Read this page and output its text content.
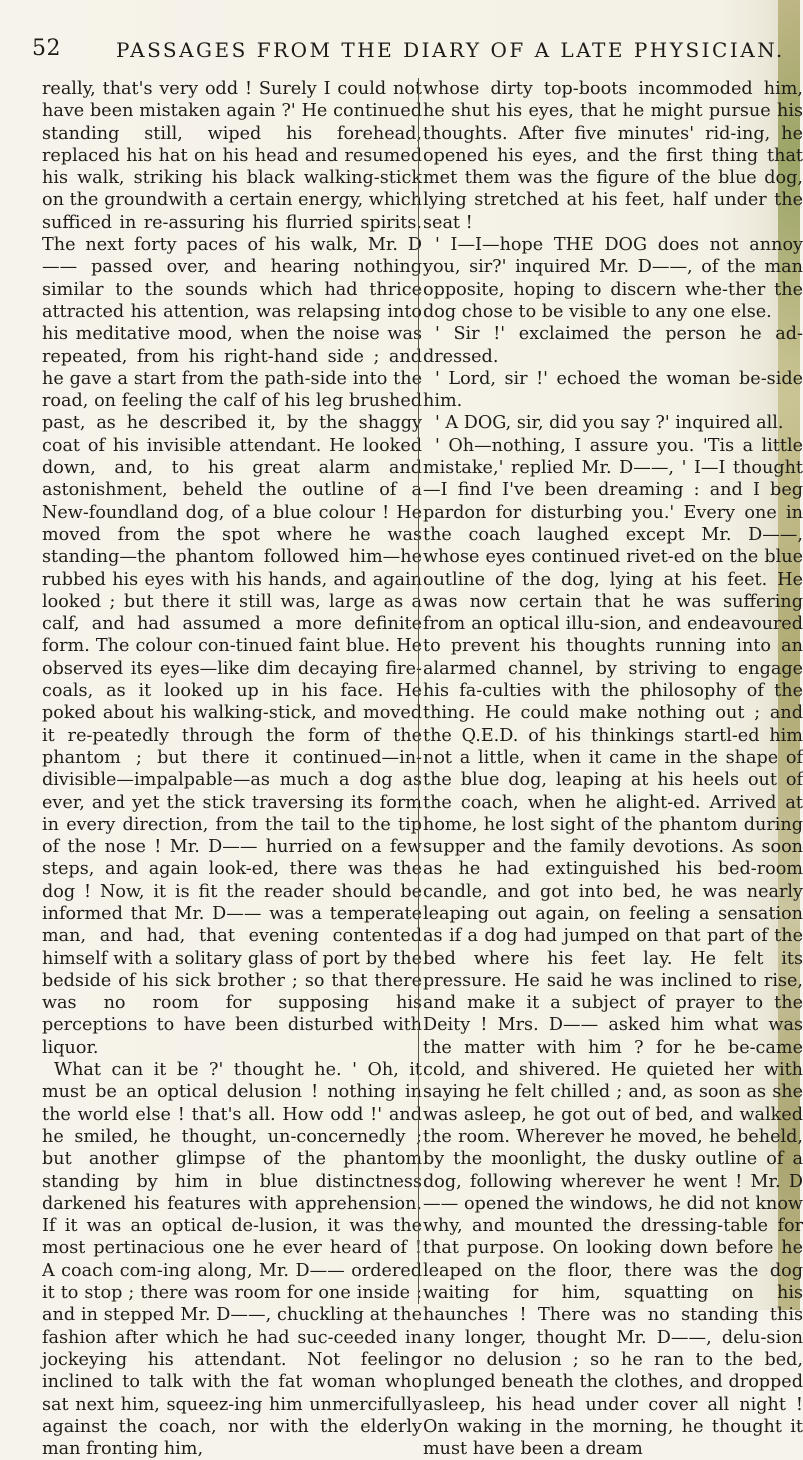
52	PASSAGES FROM THE DIARY OF A LATE PHYSICIAN.

really, that's very odd ! Surely I could not have been mistaken again ?' He continued standing still, wiped his forehead, replaced his hat on his head and resumed his walk, striking his black walking-stick on the groundwith a certain energy, which sufficed in re-assuring his flurried spirits. The next forty paces of his walk, Mr. D—— passed over, and hearing nothing similar to the sounds which had thrice attracted his attention, was relapsing into his meditative mood, when the noise was repeated, from his right-hand side ; and he gave a start from the path-side into the road, on feeling the calf of his leg brushed past, as he described it, by the shaggy coat of his invisible attendant. He looked down, and, to his great alarm and astonishment, beheld the outline of a New-foundland dog, of a blue colour ! He moved from the spot where he was standing—the phantom followed him—he rubbed his eyes with his hands, and again looked ; but there it still was, large as a calf, and had assumed a more definite form. The colour con-tinued faint blue. He observed its eyes—like dim decaying fire-coals, as it looked up in his face. He poked about his walking-stick, and moved it re-peatedly through the form of the phantom ; but there it continued—in-divisible—impalpable—as much a dog as ever, and yet the stick traversing its form in every direction, from the tail to the tip of the nose ! Mr. D—— hurried on a few steps, and again look-ed, there was the dog ! Now, it is fit the reader should be informed that Mr. D—— was a temperate man, and had, that evening contented himself with a solitary glass of port by the bedside of his sick brother ; so that there was no room for supposing his perceptions to have been disturbed with liquor.

What can it be ?' thought he. ' Oh, it must be an optical delusion ! nothing in the world else ! that's all. How odd !' and he smiled, he thought, un-concernedly ; but another glimpse of the phantom standing by him in blue distinctness darkened his features with apprehension. If it was an optical de-lusion, it was the most pertinacious one he ever heard of ! A coach com-ing along, Mr. D—— ordered it to stop ; there was room for one inside : and in stepped Mr. D——, chuckling at the fashion after which he had suc-ceeded in jockeying his attendant. Not feeling inclined to talk with the fat woman who sat next him, squeez-ing him unmercifully against the coach, nor with the elderly man fronting him,

whose dirty top-boots incommoded him, he shut his eyes, that he might pursue his thoughts. After five minutes' rid-ing, he opened his eyes, and the first thing that met them was the figure of the blue dog, lying stretched at his feet, half under the seat !

' I—I—hope THE DOG does not annoy you, sir?' inquired Mr. D——, of the man opposite, hoping to discern whe-ther the dog chose to be visible to any one else.

' Sir !' exclaimed the person he ad-dressed.

' Lord, sir !' echoed the woman be-side him.

' A DOG, sir, did you say ?' inquired all.

' Oh—nothing, I assure you. 'Tis a little mistake,' replied Mr. D——, ' I—I thought—I find I've been dreaming : and I beg pardon for disturbing you.' Every one in the coach laughed except Mr. D——, whose eyes continued rivet-ed on the blue outline of the dog, lying at his feet. He was now certain that he was suffering from an optical illu-sion, and endeavoured to prevent his thoughts running into an alarmed channel, by striving to engage his fa-culties with the philosophy of the thing. He could make nothing out ; and the Q.E.D. of his thinkings startl-ed him not a little, when it came in the shape of the blue dog, leaping at his heels out of the coach, when he alight-ed. Arrived at home, he lost sight of the phantom during supper and the family devotions. As soon as he had extinguished his bed-room candle, and got into bed, he was nearly leaping out again, on feeling a sensation as if a dog had jumped on that part of the bed where his feet lay. He felt its pressure. He said he was inclined to rise, and make it a subject of prayer to the Deity ! Mrs. D—— asked him what was the matter with him ? for he be-came cold, and shivered. He quieted her with saying he felt chilled ; and, as soon as she was asleep, he got out of bed, and walked the room. Wherever he moved, he beheld, by the moonlight, the dusky outline of a dog, following wherever he went ! Mr. D—— opened the windows, he did not know why, and mounted the dressing-table for that purpose. On looking down before he leaped on the floor, there was the dog waiting for him, squatting on his haunches ! There was no standing this any longer, thought Mr. D——, delu-sion or no delusion ; so he ran to the bed, plunged beneath the clothes, and dropped asleep, his head under cover all night ! On waking in the morning, he thought it must have been a dream
